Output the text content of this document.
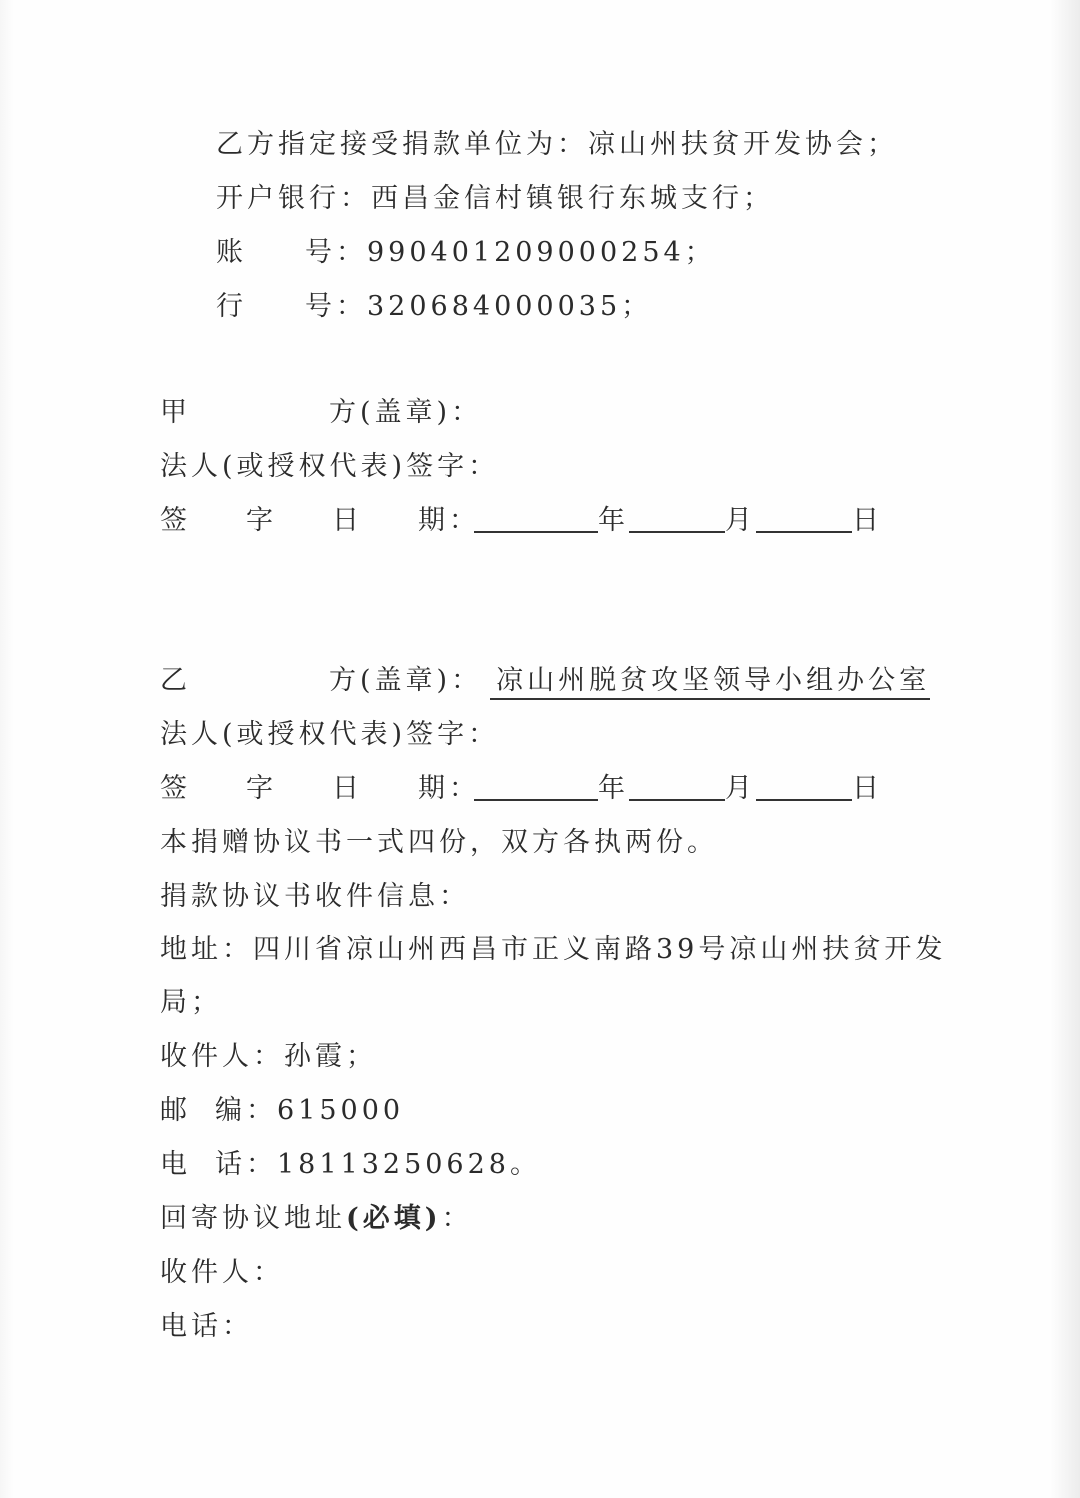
乙方指定接受捐款单位为：凉山州扶贫开发协会；
开户银行：西昌金信村镇银行东城支行；
账 号：990401209000254；
行 号：320684000035；
甲	方(盖章)：
法人(或授权代表)签字：
签 字 日 期：	年	月	日
乙	方(盖章)： 凉山州脱贫攻坚领导小组办公室
法人(或授权代表)签字：
签 字 日 期：	年	月	日
本捐赠协议书一式四份，双方各执两份。
捐款协议书收件信息：
地址：四川省凉山州西昌市正义南路39号凉山州扶贫开发
局；
收件人：孙霞；
邮 编：615000
电 话：18113250628。
回寄协议地址(必填)：
收件人：
电话：
